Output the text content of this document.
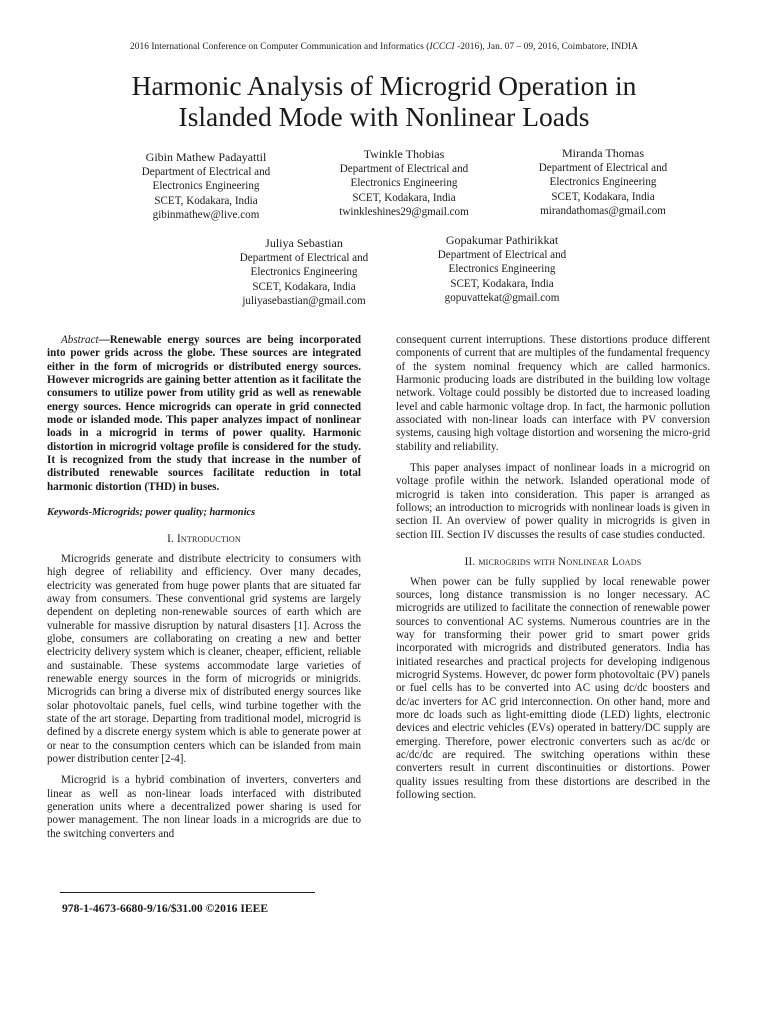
2016 International Conference on Computer Communication and Informatics (ICCCI -2016), Jan. 07 – 09, 2016, Coimbatore, INDIA
Harmonic Analysis of Microgrid Operation in
Islanded Mode with Nonlinear Loads
Gibin Mathew Padayattil
Department of Electrical and
Electronics Engineering
SCET, Kodakara, India
gibinmathew@live.com
Twinkle Thobias
Department of Electrical and
Electronics Engineering
SCET, Kodakara, India
twinkleshines29@gmail.com
Miranda Thomas
Department of Electrical and
Electronics Engineering
SCET, Kodakara, India
mirandathomas@gmail.com
Juliya Sebastian
Department of Electrical and
Electronics Engineering
SCET, Kodakara, India
juliyasebastian@gmail.com
Gopakumar Pathirikkat
Department of Electrical and
Electronics Engineering
SCET, Kodakara, India
gopuvattekat@gmail.com

Abstract—Renewable energy sources are being incorporated into power grids across the globe. These sources are integrated either in the form of microgrids or distributed energy sources. However microgrids are gaining better attention as it facilitate the consumers to utilize power from utility grid as well as renewable energy sources. Hence microgrids can operate in grid connected mode or islanded mode. This paper analyzes impact of nonlinear loads in a microgrid in terms of power quality. Harmonic distortion in microgrid voltage profile is considered for the study. It is recognized from the study that increase in the number of distributed renewable sources facilitate reduction in total harmonic distortion (THD) in buses.

Keywords-Microgrids; power quality; harmonics
I. Introduction

Microgrids generate and distribute electricity to consumers with high degree of reliability and efficiency. Over many decades, electricity was generated from huge power plants that are situated far away from consumers. These conventional grid systems are largely dependent on depleting non-renewable sources of earth which are vulnerable for massive disruption by natural disasters [1]. Across the globe, consumers are collaborating on creating a new and better electricity delivery system which is cleaner, cheaper, efficient, reliable and sustainable. These systems accommodate large varieties of renewable energy sources in the form of microgrids or minigrids. Microgrids can bring a diverse mix of distributed energy sources like solar photovoltaic panels, fuel cells, wind turbine together with the state of the art storage. Departing from traditional model, microgrid is defined by a discrete energy system which is able to generate power at or near to the consumption centers which can be islanded from main power distribution center [2-4].

Microgrid is a hybrid combination of inverters, converters and linear as well as non-linear loads interfaced with distributed generation units where a decentralized power sharing is used for power management. The non linear loads in a microgrids are due to the switching converters and

consequent current interruptions. These distortions produce different components of current that are multiples of the fundamental frequency of the system nominal frequency which are called harmonics. Harmonic producing loads are distributed in the building low voltage network. Voltage could possibly be distorted due to increased loading level and cable harmonic voltage drop. In fact, the harmonic pollution associated with non-linear loads can interface with PV conversion systems, causing high voltage distortion and worsening the micro-grid stability and reliability.

This paper analyses impact of nonlinear loads in a microgrid on voltage profile within the network. Islanded operational mode of microgrid is taken into consideration. This paper is arranged as follows; an introduction to microgrids with nonlinear loads is given in section II. An overview of power quality in microgrids is given in section III. Section IV discusses the results of case studies conducted.

II. microgrids with Nonlinear Loads

When power can be fully supplied by local renewable power sources, long distance transmission is no longer necessary. AC microgrids are utilized to facilitate the connection of renewable power sources to conventional AC systems. Numerous countries are in the way for transforming their power grid to smart power grids incorporated with microgrids and distributed generators. India has initiated researches and practical projects for developing indigenous microgrid Systems. However, dc power form photovoltaic (PV) panels or fuel cells has to be converted into AC using dc/dc boosters and dc/ac inverters for AC grid interconnection. On other hand, more and more dc loads such as light-emitting diode (LED) lights, electronic devices and electric vehicles (EVs) operated in battery/DC supply are emerging. Therefore, power electronic converters such as ac/dc or ac/dc/dc are required. The switching operations within these converters result in current discontinuities or distortions. Power quality issues resulting from these distortions are described in the following section.

978-1-4673-6680-9/16/$31.00 ©2016 IEEE
